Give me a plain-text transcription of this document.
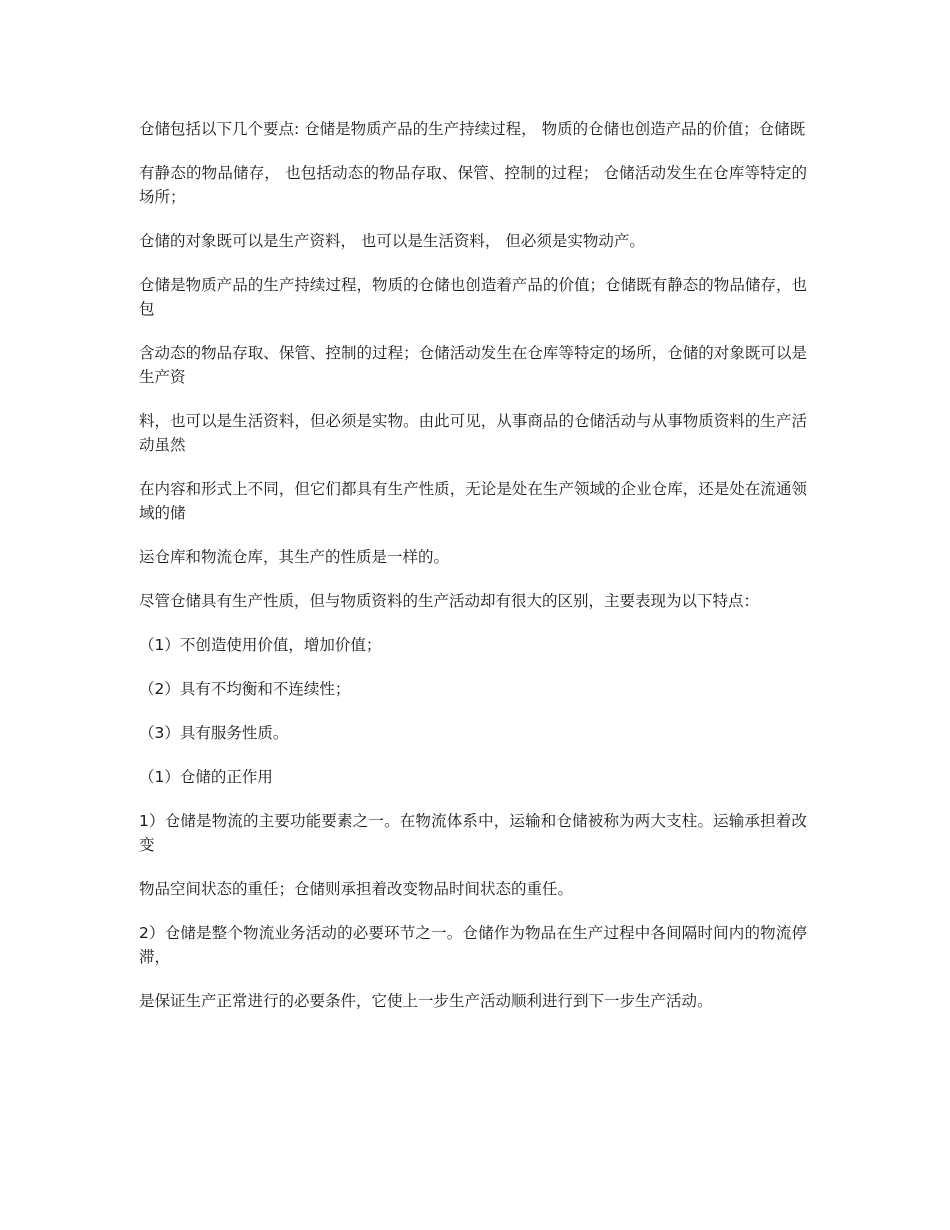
仓储包括以下几个要点: 仓储是物质产品的生产持续过程， 物质的仓储也创造产品的价值；仓储既

有静态的物品储存， 也包括动态的物品存取、保管、控制的过程； 仓储活动发生在仓库等特定的场所；

仓储的对象既可以是生产资料， 也可以是生活资料， 但必须是实物动产。

仓储是物质产品的生产持续过程，物质的仓储也创造着产品的价值；仓储既有静态的物品储存，也包

含动态的物品存取、保管、控制的过程；仓储活动发生在仓库等特定的场所，仓储的对象既可以是生产资

料，也可以是生活资料，但必须是实物。由此可见，从事商品的仓储活动与从事物质资料的生产活动虽然

在内容和形式上不同，但它们都具有生产性质，无论是处在生产领域的企业仓库，还是处在流通领域的储

运仓库和物流仓库，其生产的性质是一样的。

尽管仓储具有生产性质，但与物质资料的生产活动却有很大的区别，主要表现为以下特点：

（1）不创造使用价值，增加价值；

（2）具有不均衡和不连续性；

（3）具有服务性质。

（1）仓储的正作用

1）仓储是物流的主要功能要素之一。在物流体系中，运输和仓储被称为两大支柱。运输承担着改变

物品空间状态的重任；仓储则承担着改变物品时间状态的重任。

2）仓储是整个物流业务活动的必要环节之一。仓储作为物品在生产过程中各间隔时间内的物流停滞，

是保证生产正常进行的必要条件，它使上一步生产活动顺利进行到下一步生产活动。
